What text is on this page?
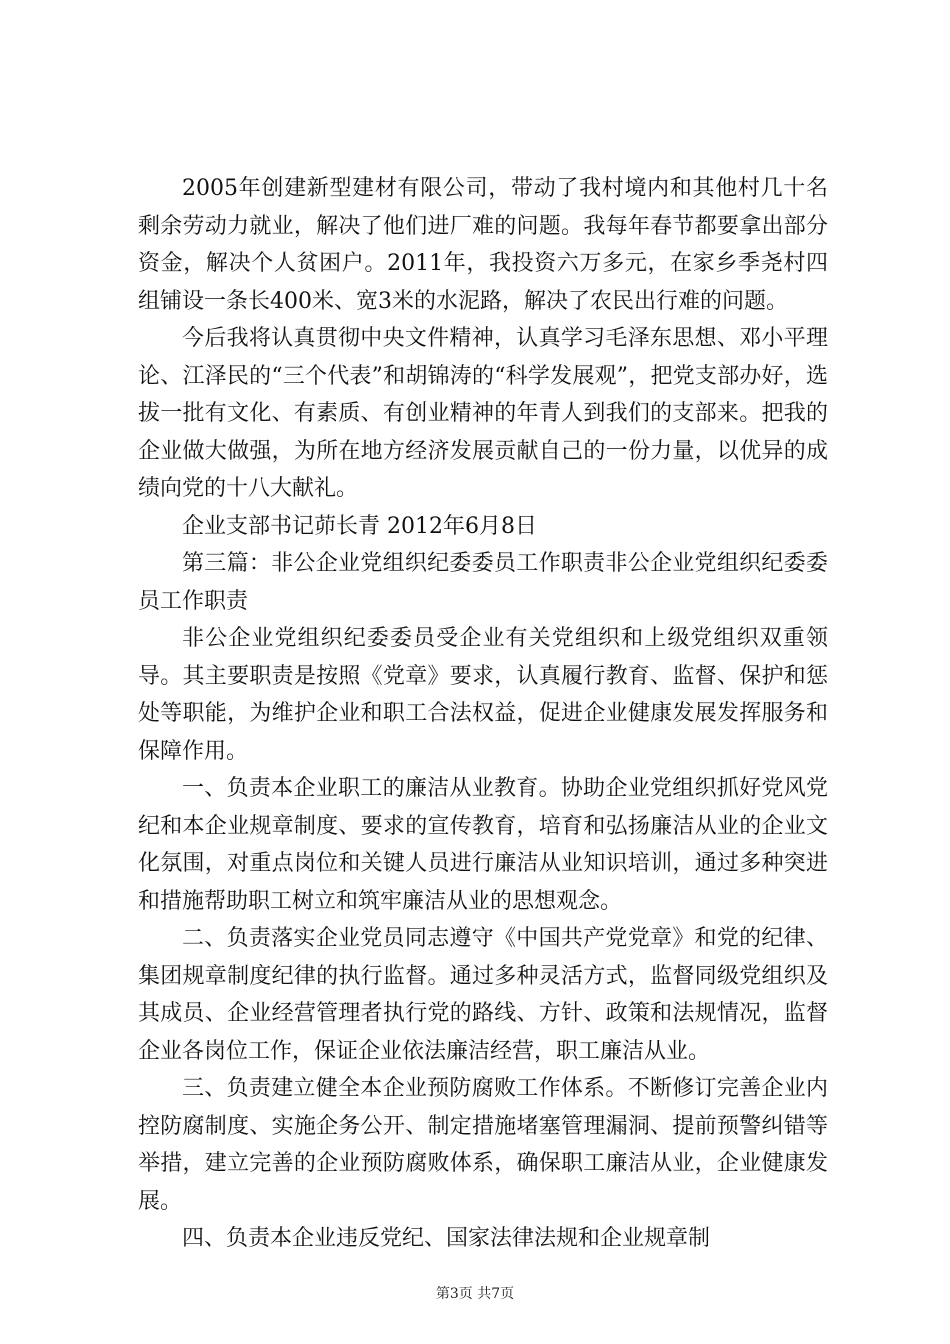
2005年创建新型建材有限公司，带动了我村境内和其他村几十名剩余劳动力就业，解决了他们进厂难的问题。我每年春节都要拿出部分资金，解决个人贫困户。2011年，我投资六万多元，在家乡季尧村四组铺设一条长400米、宽3米的水泥路，解决了农民出行难的问题。

今后我将认真贯彻中央文件精神，认真学习毛泽东思想、邓小平理论、江泽民的“三个代表”和胡锦涛的“科学发展观”，把党支部办好，选拔一批有文化、有素质、有创业精神的年青人到我们的支部来。把我的企业做大做强，为所在地方经济发展贡献自己的一份力量，以优异的成绩向党的十八大献礼。

企业支部书记茆长青 2012年6月8日

第三篇：非公企业党组织纪委委员工作职责非公企业党组织纪委委员工作职责

非公企业党组织纪委委员受企业有关党组织和上级党组织双重领导。其主要职责是按照《党章》要求，认真履行教育、监督、保护和惩处等职能，为维护企业和职工合法权益，促进企业健康发展发挥服务和保障作用。

一、负责本企业职工的廉洁从业教育。协助企业党组织抓好党风党纪和本企业规章制度、要求的宣传教育，培育和弘扬廉洁从业的企业文化氛围，对重点岗位和关键人员进行廉洁从业知识培训，通过多种突进和措施帮助职工树立和筑牢廉洁从业的思想观念。

二、负责落实企业党员同志遵守《中国共产党党章》和党的纪律、集团规章制度纪律的执行监督。通过多种灵活方式，监督同级党组织及其成员、企业经营管理者执行党的路线、方针、政策和法规情况，监督企业各岗位工作，保证企业依法廉洁经营，职工廉洁从业。

三、负责建立健全本企业预防腐败工作体系。不断修订完善企业内控防腐制度、实施企务公开、制定措施堵塞管理漏洞、提前预警纠错等举措，建立完善的企业预防腐败体系，确保职工廉洁从业，企业健康发展。

四、负责本企业违反党纪、国家法律法规和企业规章制

第3页 共7页
